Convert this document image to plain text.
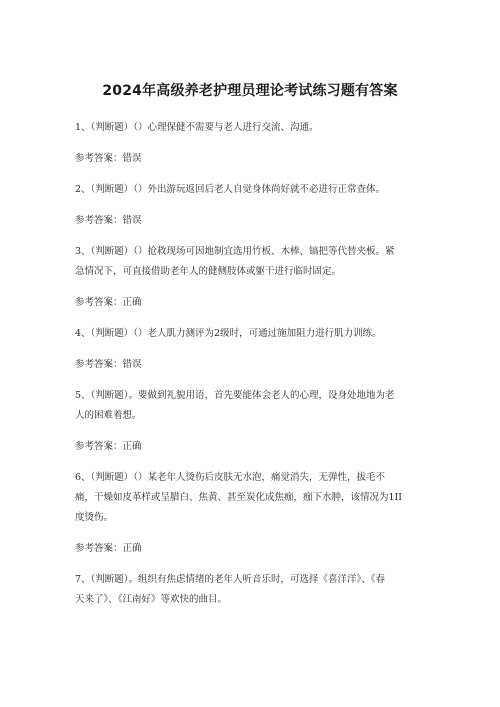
2024年高级养老护理员理论考试练习题有答案
1、（判断题）（）心理保健不需要与老人进行交流、沟通。
参考答案：错误
2、（判断题）（）外出游玩返回后老人自觉身体尚好就不必进行正常查体。
参考答案：错误
3、（判断题）（）抢救现场可因地制宜选用竹板、木棒、镐把等代替夹板。紧
急情况下，可直接借助老年人的健侧肢体或躯干进行临时固定。
参考答案：正确
4、（判断题）（）老人肌力测评为2级时，可通过施加阻力进行肌力训练。
参考答案：错误
5、（判断题）。要做到礼貌用语，首先要能体会老人的心理，设身处地地为老
人的困难着想。
参考答案：正确
6、（判断题）（）某老年人烫伤后皮肤无水泡，痛觉消失，无弹性，拔毛不
痛，干燥如皮革样或呈腊白、焦黄、甚至炭化成焦痂，痂下水肿，该情况为1II
度烫伤。
参考答案：正确
7、（判断题）。组织有焦虑情绪的老年人听音乐时，可选择《喜洋洋》、《春
天来了》、《江南好》等欢快的曲目。
